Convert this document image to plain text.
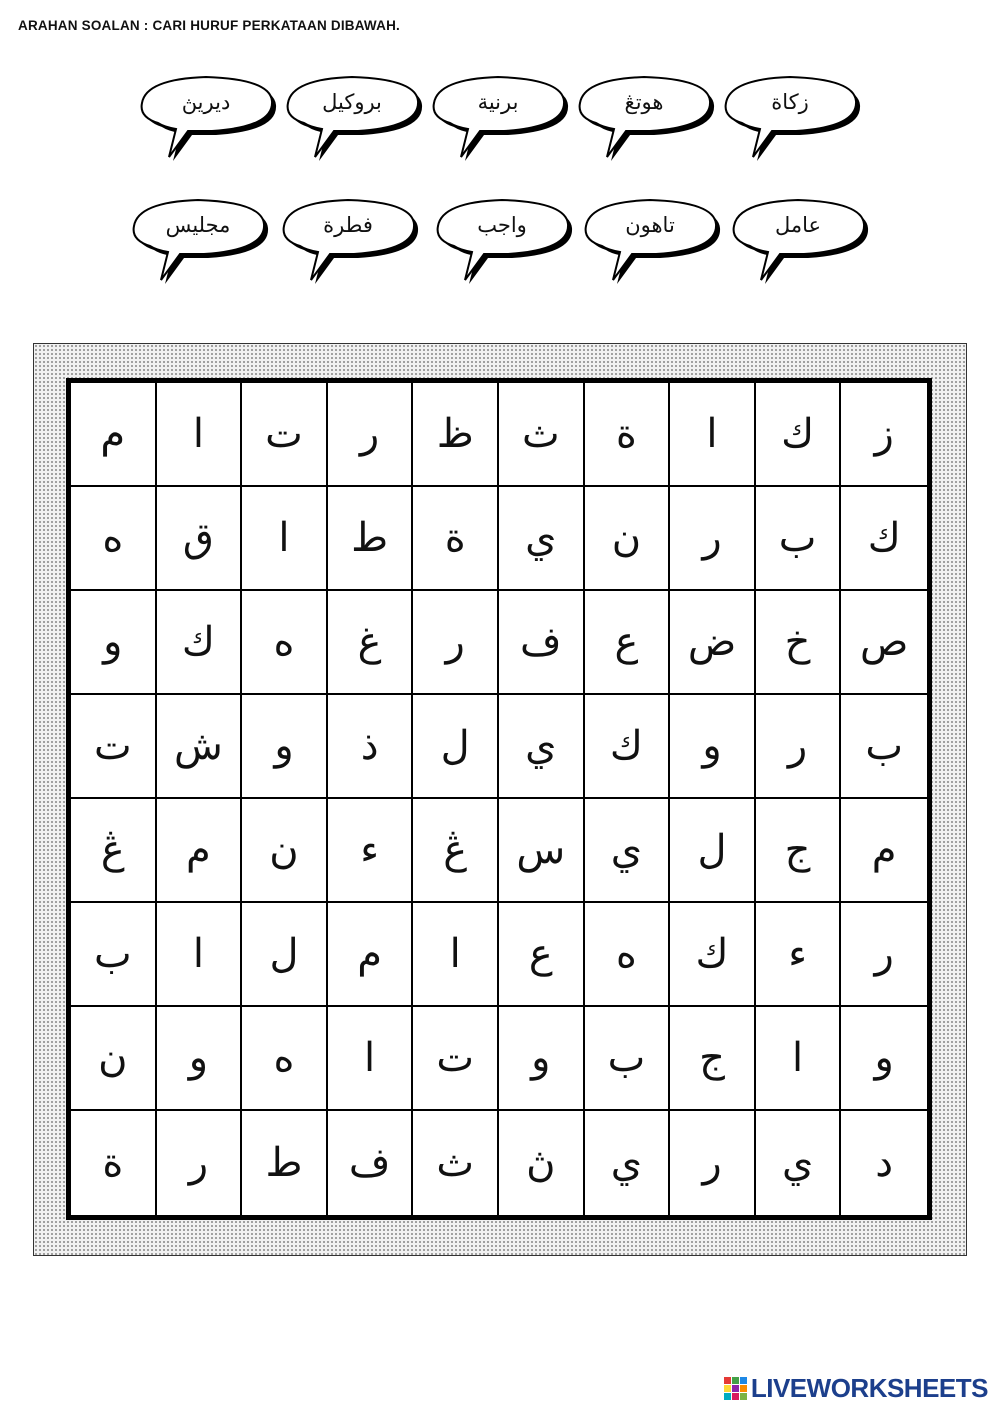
ARAHAN SOALAN : CARI HURUF PERKATAAN DIBAWAH.

زكاة
هوتڠ
برنية
بروكيل
ديريڽ
عامل
تاهون
واجب
فطرة
مجليس
م	ا	ت	ر	ظ	ث	ة	ا	ك	ز
ه	ق	ا	ط	ة	ي	ن	ر	ب	ك
و	ك	ه	غ	ر	ف	ع	ض	خ	ص
ت	ش	و	ذ	ل	ي	ك	و	ر	ب
ڠ	م	ن	ء	ڠ	س	ي	ل	ج	م
ب	ا	ل	م	ا	ع	ه	ك	ء	ر
ن	و	ه	ا	ت	و	ب	ج	ا	و
ة	ر	ط	ف	ث	ڽ	ي	ر	ي	د
LIVEWORKSHEETS
